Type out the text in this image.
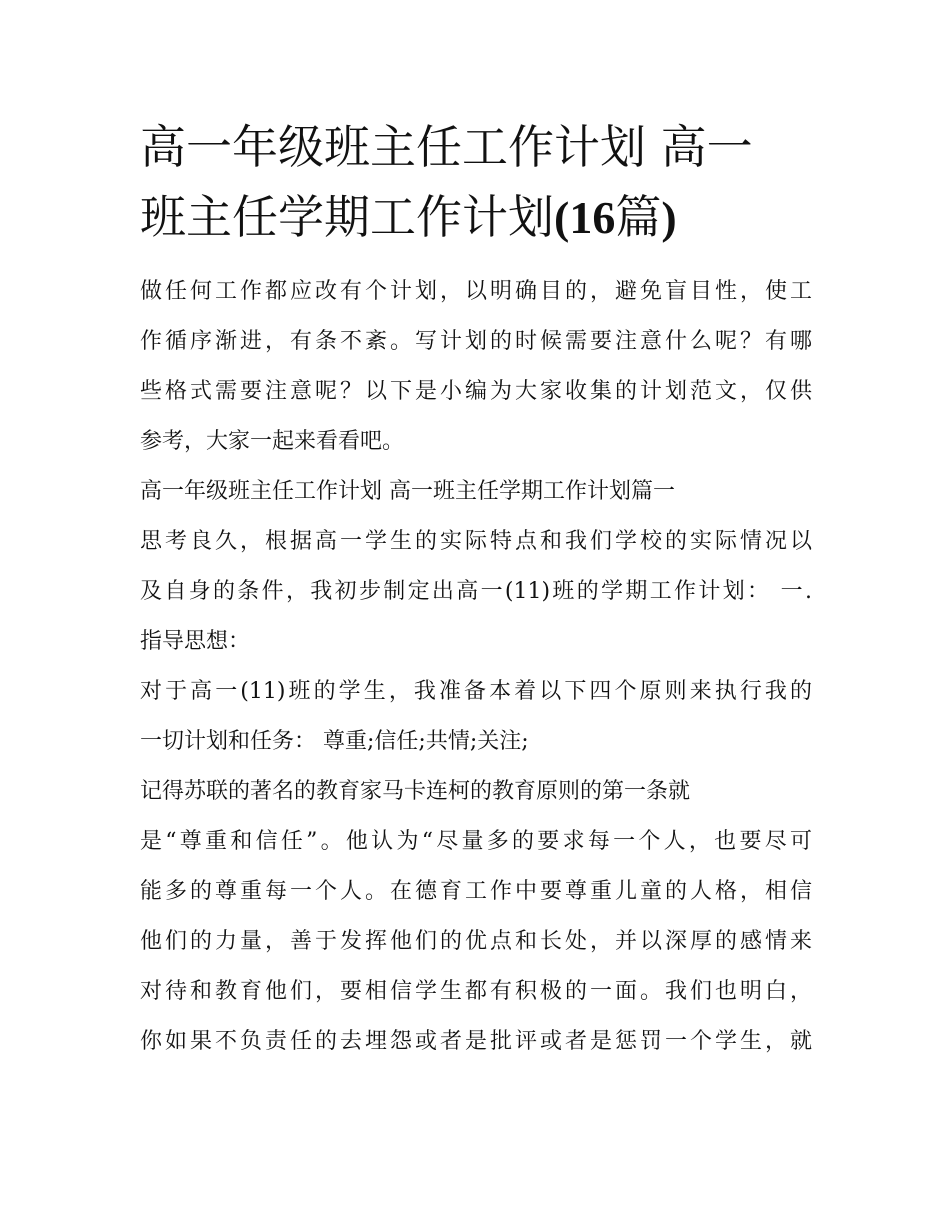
高一年级班主任工作计划 高一
班主任学期工作计划(16篇)
做任何工作都应改有个计划，以明确目的，避免盲目性，使工
作循序渐进，有条不紊。写计划的时候需要注意什么呢？有哪
些格式需要注意呢？以下是小编为大家收集的计划范文，仅供
参考，大家一起来看看吧。
高一年级班主任工作计划 高一班主任学期工作计划篇一
思考良久，根据高一学生的实际特点和我们学校的实际情况以
及自身的条件，我初步制定出高一(11)班的学期工作计划： 一.
指导思想：
对于高一(11)班的学生，我准备本着以下四个原则来执行我的
一切计划和任务： 尊重;信任;共情;关注;
记得苏联的著名的教育家马卡连柯的教育原则的第一条就
是“尊重和信任”。他认为“尽量多的要求每一个人，也要尽可
能多的尊重每一个人。在德育工作中要尊重儿童的人格，相信
他们的力量，善于发挥他们的优点和长处，并以深厚的感情来
对待和教育他们，要相信学生都有积极的一面。我们也明白，
你如果不负责任的去埋怨或者是批评或者是惩罚一个学生，就
